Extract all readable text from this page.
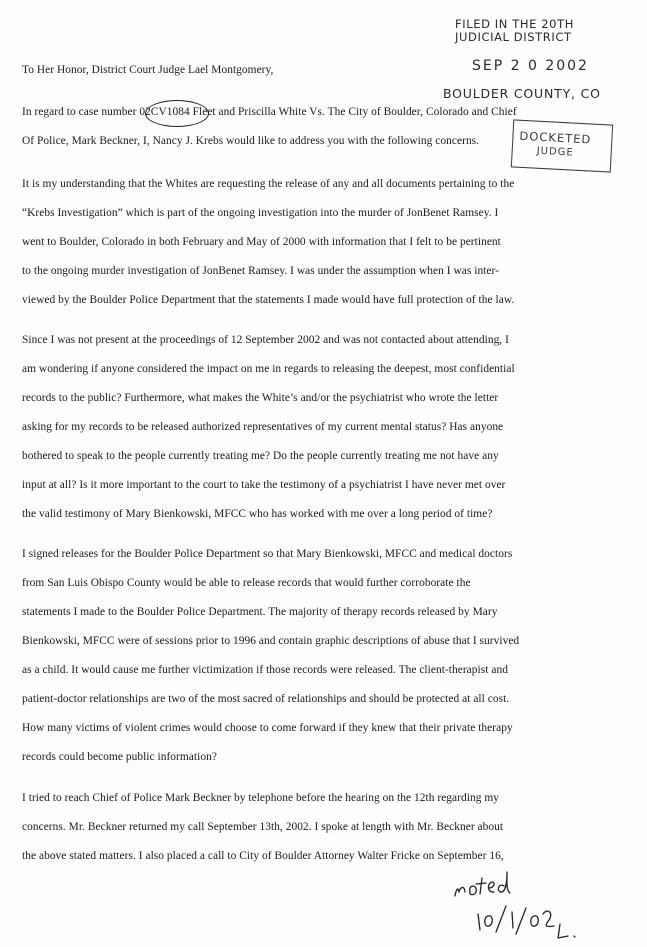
FILED IN THE 20TH
JUDICIAL DISTRICT
SEP 2 0 2002
BOULDER COUNTY, CO
DOCKETED
JUDGE
To Her Honor, District Court Judge Lael Montgomery,
In regard to case number 02CV1084 Fleet and Priscilla White Vs. The City of Boulder, Colorado and Chief
Of Police, Mark Beckner, I, Nancy J. Krebs would like to address you with the following concerns.
It is my understanding that the Whites are requesting the release of any and all documents pertaining to the
“Krebs Investigation” which is part of the ongoing investigation into the murder of JonBenet Ramsey. I
went to Boulder, Colorado in both February and May of 2000 with information that I felt to be pertinent
to the ongoing murder investigation of JonBenet Ramsey. I was under the assumption when I was inter-
viewed by the Boulder Police Department that the statements I made would have full protection of the law.
Since I was not present at the proceedings of 12 September 2002 and was not contacted about attending, I
am wondering if anyone considered the impact on me in regards to releasing the deepest, most confidential
records to the public? Furthermore, what makes the White’s and/or the psychiatrist who wrote the letter
asking for my records to be released authorized representatives of my current mental status? Has anyone
bothered to speak to the people currently treating me? Do the people currently treating me not have any
input at all? Is it more important to the court to take the testimony of a psychiatrist I have never met over
the valid testimony of Mary Bienkowski, MFCC who has worked with me over a long period of time?
I signed releases for the Boulder Police Department so that Mary Bienkowski, MFCC and medical doctors
from San Luis Obispo County would be able to release records that would further corroborate the
statements I made to the Boulder Police Department. The majority of therapy records released by Mary
Bienkowski, MFCC were of sessions prior to 1996 and contain graphic descriptions of abuse that I survived
as a child. It would cause me further victimization if those records were released. The client-therapist and
patient-doctor relationships are two of the most sacred of relationships and should be protected at all cost.
How many victims of violent crimes would choose to come forward if they knew that their private therapy
records could become public information?
I tried to reach Chief of Police Mark Beckner by telephone before the hearing on the 12th regarding my
concerns. Mr. Beckner returned my call September 13th, 2002. I spoke at length with Mr. Beckner about
the above stated matters. I also placed a call to City of Boulder Attorney Walter Fricke on September 16,
